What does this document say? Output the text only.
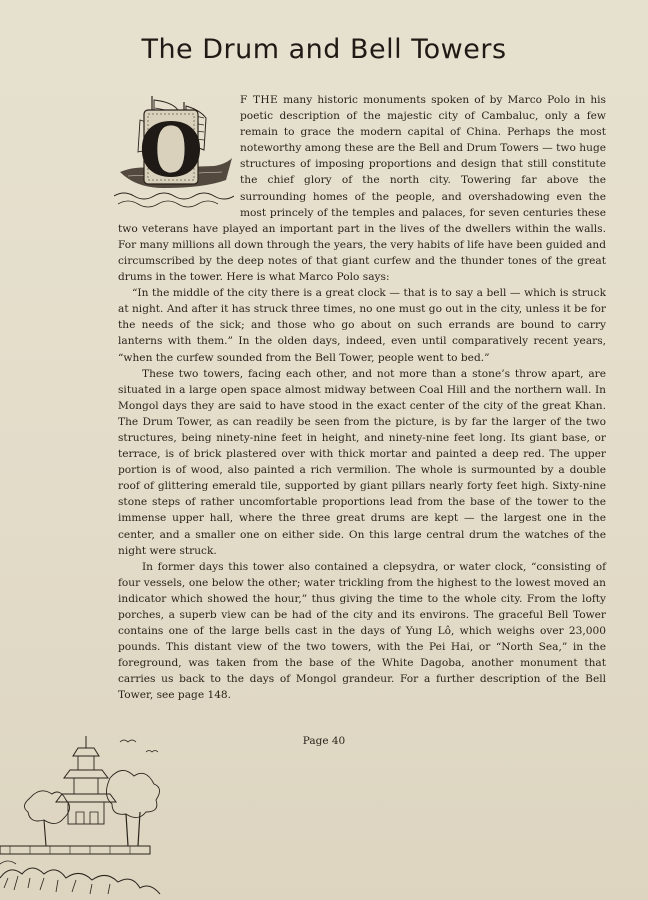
The Drum and Bell Towers
O

F THE many historic monuments spoken of by Marco Polo in his poetic description of the majestic city of Cambaluc, only a few remain to grace the modern capital of China. Perhaps the most noteworthy among these are the Bell and Drum Towers — two huge structures of imposing proportions and design that still constitute the chief glory of the north city. Towering far above the surrounding homes of the people, and overshadowing even the most princely of the temples and palaces, for seven centuries these two veterans have played an important part in the lives of the dwellers within the walls. For many millions all down through the years, the very habits of life have been guided and circumscribed by the deep notes of that giant curfew and the thunder tones of the great drums in the tower. Here is what Marco Polo says:

“In the middle of the city there is a great clock — that is to say a bell — which is struck at night. And after it has struck three times, no one must go out in the city, unless it be for the needs of the sick; and those who go about on such errands are bound to carry lanterns with them.” In the olden days, indeed, even until comparatively recent years, “when the curfew sounded from the Bell Tower, people went to bed.”

These two towers, facing each other, and not more than a stone’s throw apart, are situated in a large open space almost midway between Coal Hill and the northern wall. In Mongol days they are said to have stood in the exact center of the city of the great Khan. The Drum Tower, as can readily be seen from the picture, is by far the larger of the two structures, being ninety-nine feet in height, and ninety-nine feet long. Its giant base, or terrace, is of brick plastered over with thick mortar and painted a deep red. The upper portion is of wood, also painted a rich vermilion. The whole is surmounted by a double roof of glittering emerald tile, supported by giant pillars nearly forty feet high. Sixty-nine stone steps of rather uncomfortable proportions lead from the base of the tower to the immense upper hall, where the three great drums are kept — the largest one in the center, and a smaller one on either side. On this large central drum the watches of the night were struck.

In former days this tower also contained a clepsydra, or water clock, “consisting of four vessels, one below the other; water trickling from the highest to the lowest moved an indicator which showed the hour,” thus giving the time to the whole city. From the lofty porches, a superb view can be had of the city and its environs. The graceful Bell Tower contains one of the large bells cast in the days of Yung Lô, which weighs over 23,000 pounds. This distant view of the two towers, with the Pei Hai, or “North Sea,” in the foreground, was taken from the base of the White Dagoba, another monument that carries us back to the days of Mongol grandeur. For a further description of the Bell Tower, see page 148.

Page 40
